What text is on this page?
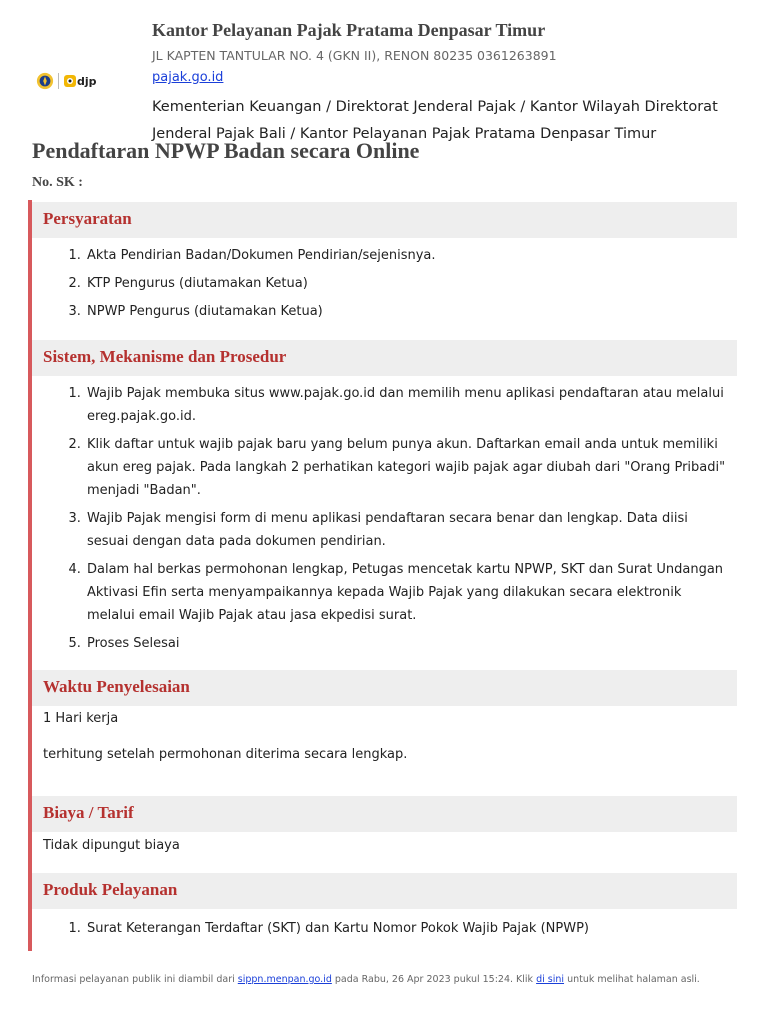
djp
Kantor Pelayanan Pajak Pratama Denpasar Timur
JL KAPTEN TANTULAR NO. 4 (GKN II), RENON 80235 0361263891
pajak.go.id
Kementerian Keuangan / Direktorat Jenderal Pajak / Kantor Wilayah Direktorat Jenderal Pajak Bali / Kantor Pelayanan Pajak Pratama Denpasar Timur
Pendaftaran NPWP Badan secara Online
No. SK :
Persyaratan
1. Akta Pendirian Badan/Dokumen Pendirian/sejenisnya.
2. KTP Pengurus (diutamakan Ketua)
3. NPWP Pengurus (diutamakan Ketua)
Sistem, Mekanisme dan Prosedur
1. Wajib Pajak membuka situs www.pajak.go.id dan memilih menu aplikasi pendaftaran atau melalui ereg.pajak.go.id.
2. Klik daftar untuk wajib pajak baru yang belum punya akun. Daftarkan email anda untuk memiliki akun ereg pajak. Pada langkah 2 perhatikan kategori wajib pajak agar diubah dari "Orang Pribadi" menjadi "Badan".
3. Wajib Pajak mengisi form di menu aplikasi pendaftaran secara benar dan lengkap. Data diisi sesuai dengan data pada dokumen pendirian.
4. Dalam hal berkas permohonan lengkap, Petugas mencetak kartu NPWP, SKT dan Surat Undangan Aktivasi Efin serta menyampaikannya kepada Wajib Pajak yang dilakukan secara elektronik melalui email Wajib Pajak atau jasa ekpedisi surat.
5. Proses Selesai
Waktu Penyelesaian
1 Hari kerja
terhitung setelah permohonan diterima secara lengkap.
Biaya / Tarif
Tidak dipungut biaya
Produk Pelayanan
1. Surat Keterangan Terdaftar (SKT) dan Kartu Nomor Pokok Wajib Pajak (NPWP)
Informasi pelayanan publik ini diambil dari sippn.menpan.go.id pada Rabu, 26 Apr 2023 pukul 15:24. Klik di sini untuk melihat halaman asli.
